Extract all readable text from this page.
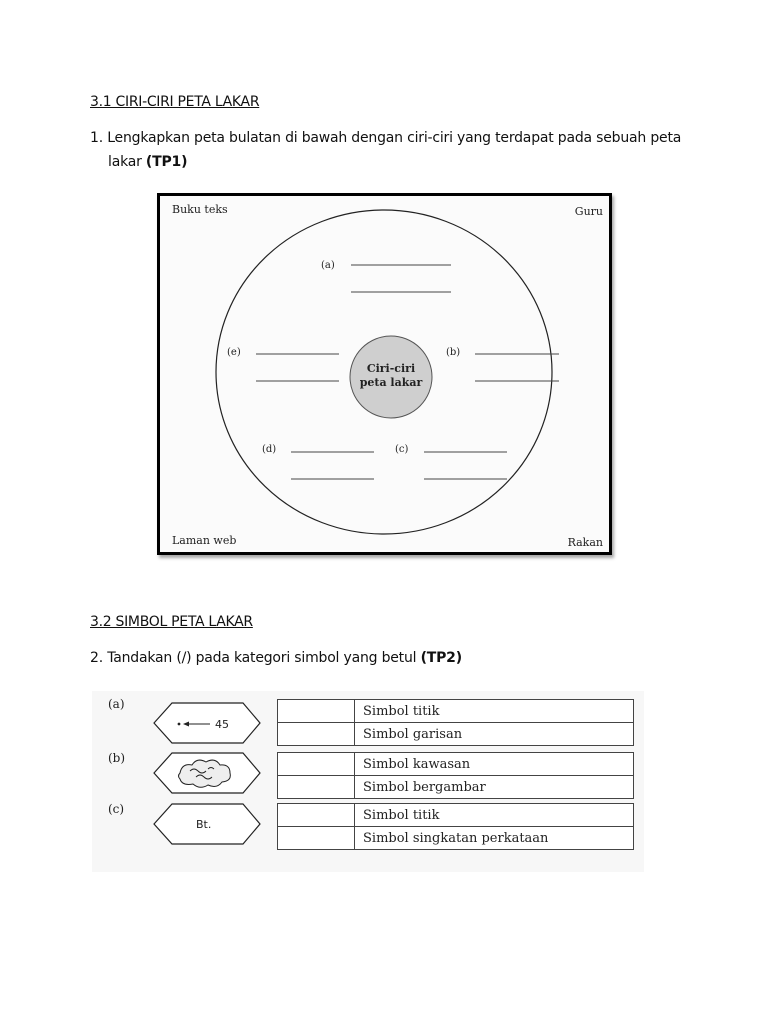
3.1 CIRI-CIRI PETA LAKAR

1. Lengkapkan peta bulatan di bawah dengan ciri-ciri yang terdapat pada sebuah peta
lakar (TP1)

Ciri-ciri
peta lakar
(a)
(b)
(c)
(d)
(e)
Buku teks	Guru
Laman web	Rakan
3.2 SIMBOL PETA LAKAR

2. Tandakan (/) pada kategori simbol yang betul (TP2)

45
Bt.
(a)
(b)
(c)
	Simbol titik
	Simbol garisan
	Simbol kawasan
	Simbol bergambar
	Simbol titik
	Simbol singkatan perkataan
